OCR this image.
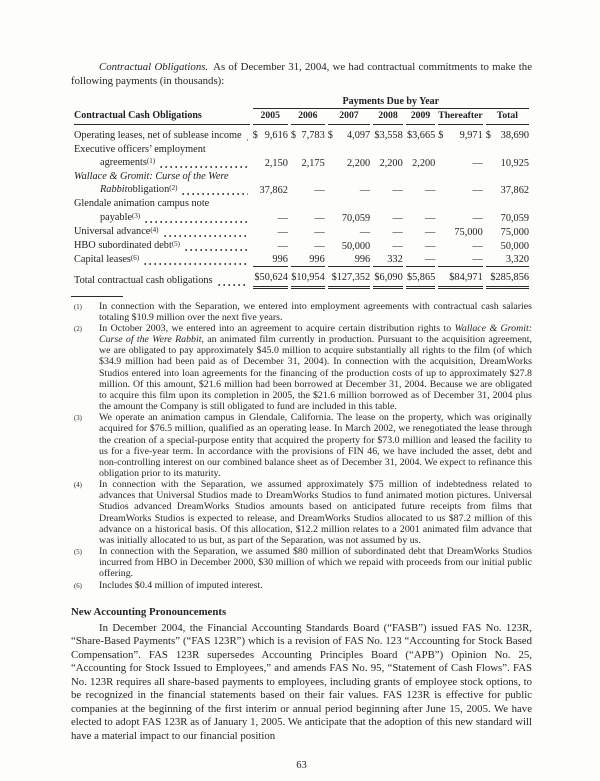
Contractual Obligations. As of December 31, 2004, we had contractual commitments to make the following payments (in thousands):

	Payments Due by Year						
Contractual Cash Obligations	2005	2006	2007	2008	2009	Thereafter	Total

Operating leases, net of sublease income	$ 9,616	$ 7,783	$ 4,097	$3,558	$3,665	$ 9,971	$ 38,690

Executive officers’ employment
agreements (1)	2,150	2,175	2,200	2,200	2,200	—	10,925

Wallace & Gromit: Curse of the Were
Rabbit obligation (2)	37,862	—	—	—	—	—	37,862

Glendale animation campus note
payable (3)	—	—	70,059	—	—	—	70,059

Universal advance (4)	—	—	—	—	—	75,000	75,000

HBO subordinated debt (5)	—	—	50,000	—	—	—	50,000

Capital leases (6)	996	996	996	332	—	—	3,320

Total contractual cash obligations	$50,624	$10,954	$127,352	$6,090	$5,865	$84,971	$285,856
(1)	In connection with the Separation, we entered into employment agreements with contractual cash salaries totaling $10.9 million over the next five years.
(2)	In October 2003, we entered into an agreement to acquire certain distribution rights to Wallace & Gromit: Curse of the Were Rabbit, an animated film currently in production. Pursuant to the acquisition agreement, we are obligated to pay approximately $45.0 million to acquire substantially all rights to the film (of which $34.9 million had been paid as of December 31, 2004). In connection with the acquisition, DreamWorks Studios entered into loan agreements for the financing of the production costs of up to approximately $27.8 million. Of this amount, $21.6 million had been borrowed at December 31, 2004. Because we are obligated to acquire this film upon its completion in 2005, the $21.6 million borrowed as of December 31, 2004 plus the amount the Company is still obligated to fund are included in this table.
(3)	We operate an animation campus in Glendale, California. The lease on the property, which was originally acquired for $76.5 million, qualified as an operating lease. In March 2002, we renegotiated the lease through the creation of a special-purpose entity that acquired the property for $73.0 million and leased the facility to us for a five-year term. In accordance with the provisions of FIN 46, we have included the asset, debt and non-controlling interest on our combined balance sheet as of December 31, 2004. We expect to refinance this obligation prior to its maturity.
(4)	In connection with the Separation, we assumed approximately $75 million of indebtedness related to advances that Universal Studios made to DreamWorks Studios to fund animated motion pictures. Universal Studios advanced DreamWorks Studios amounts based on anticipated future receipts from films that DreamWorks Studios is expected to release, and DreamWorks Studios allocated to us $87.2 million of this advance on a historical basis. Of this allocation, $12.2 million relates to a 2001 animated film advance that was initially allocated to us but, as part of the Separation, was not assumed by us.
(5)	In connection with the Separation, we assumed $80 million of subordinated debt that DreamWorks Studios incurred from HBO in December 2000, $30 million of which we repaid with proceeds from our initial public offering.
(6)	Includes $0.4 million of imputed interest.
New Accounting Pronouncements

In December 2004, the Financial Accounting Standards Board (“FASB”) issued FAS No. 123R, “Share-Based Payments” (“FAS 123R”) which is a revision of FAS No. 123 “Accounting for Stock Based Compensation”. FAS 123R supersedes Accounting Principles Board (“APB”) Opinion No. 25, “Accounting for Stock Issued to Employees,” and amends FAS No. 95, “Statement of Cash Flows”. FAS No. 123R requires all share-based payments to employees, including grants of employee stock options, to be recognized in the financial statements based on their fair values. FAS 123R is effective for public companies at the beginning of the first interim or annual period beginning after June 15, 2005. We have elected to adopt FAS 123R as of January 1, 2005. We anticipate that the adoption of this new standard will have a material impact to our financial position

63
